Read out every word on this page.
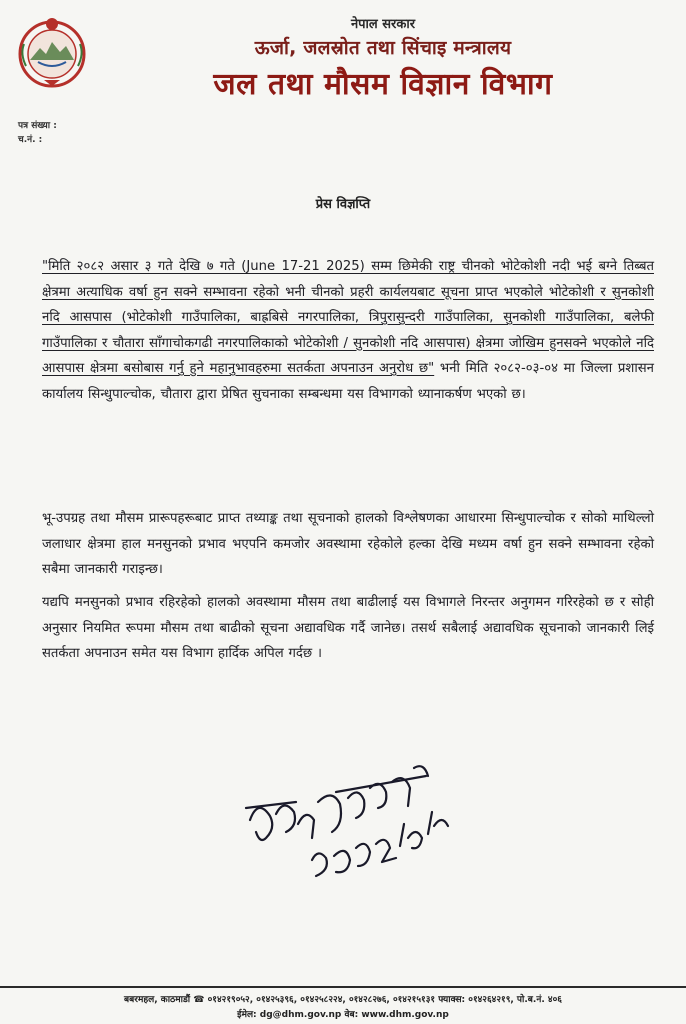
नेपाल सरकार
ऊर्जा, जलस्रोत तथा सिंचाइ मन्त्रालय
जल तथा मौसम विज्ञान विभाग
पत्र संख्या :
च.नं. :
प्रेस विज्ञप्ति
"मिति २०८२ असार ३ गते देखि ७ गते (June 17-21 2025) सम्म छिमेकी राष्ट्र चीनको भोटेकोशी नदी भई बग्ने तिब्बत क्षेत्रमा अत्याधिक वर्षा हुन सक्ने सम्भावना रहेको भनी चीनको प्रहरी कार्यलयबाट सूचना प्राप्त भएकोले भोटेकोशी र सुनकोशी नदि आसपास (भोटेकोशी गाउँपालिका, बाह्रबिसे नगरपालिका, त्रिपुरासुन्दरी गाउँपालिका, सुनकोशी गाउँपालिका, बलेफी गाउँपालिका र चौतारा साँगाचोकगढी नगरपालिकाको भोटेकोशी / सुनकोशी नदि आसपास) क्षेत्रमा जोखिम हुनसक्ने भएकोले नदि आसपास क्षेत्रमा बसोबास गर्नु हुने महानुभावहरुमा सतर्कता अपनाउन अनुरोध छ" भनी मिति २०८२-०३-०४ मा जिल्ला प्रशासन कार्यालय सिन्धुपाल्चोक, चौतारा द्वारा प्रेषित सुचनाका सम्बन्धमा यस विभागको ध्यानाकर्षण भएको छ।
भू-उपग्रह तथा मौसम प्रारूपहरूबाट प्राप्त तथ्याङ्क तथा सूचनाको हालको विश्लेषणका आधारमा सिन्धुपाल्चोक र सोको माथिल्लो जलाधार क्षेत्रमा हाल मनसुनको प्रभाव भएपनि कमजोर अवस्थामा रहेकोले हल्का देखि मध्यम वर्षा हुन सक्ने सम्भावना रहेको सबैमा जानकारी गराइन्छ।
यद्यपि मनसुनको प्रभाव रहिरहेको हालको अवस्थामा मौसम तथा बाढीलाई यस विभागले निरन्तर अनुगमन गरिरहेको छ र सोही अनुसार नियमित रूपमा मौसम तथा बाढीको सूचना अद्यावधिक गर्दै जानेछ। तसर्थ सबैलाई अद्यावधिक सूचनाको जानकारी लिई सतर्कता अपनाउन समेत यस विभाग हार्दिक अपिल गर्दछ ।
बबरमहल, काठमाडौं ☎ ०१४२१९०५२, ०१४२५३९६, ०१४२५८२२४, ०१४२८२७६, ०१४२१५१३१ फ्याक्स: ०१४२६४२१९, पो.ब.नं. ४०६
ईमेल: dg@dhm.gov.np वेब: www.dhm.gov.np
